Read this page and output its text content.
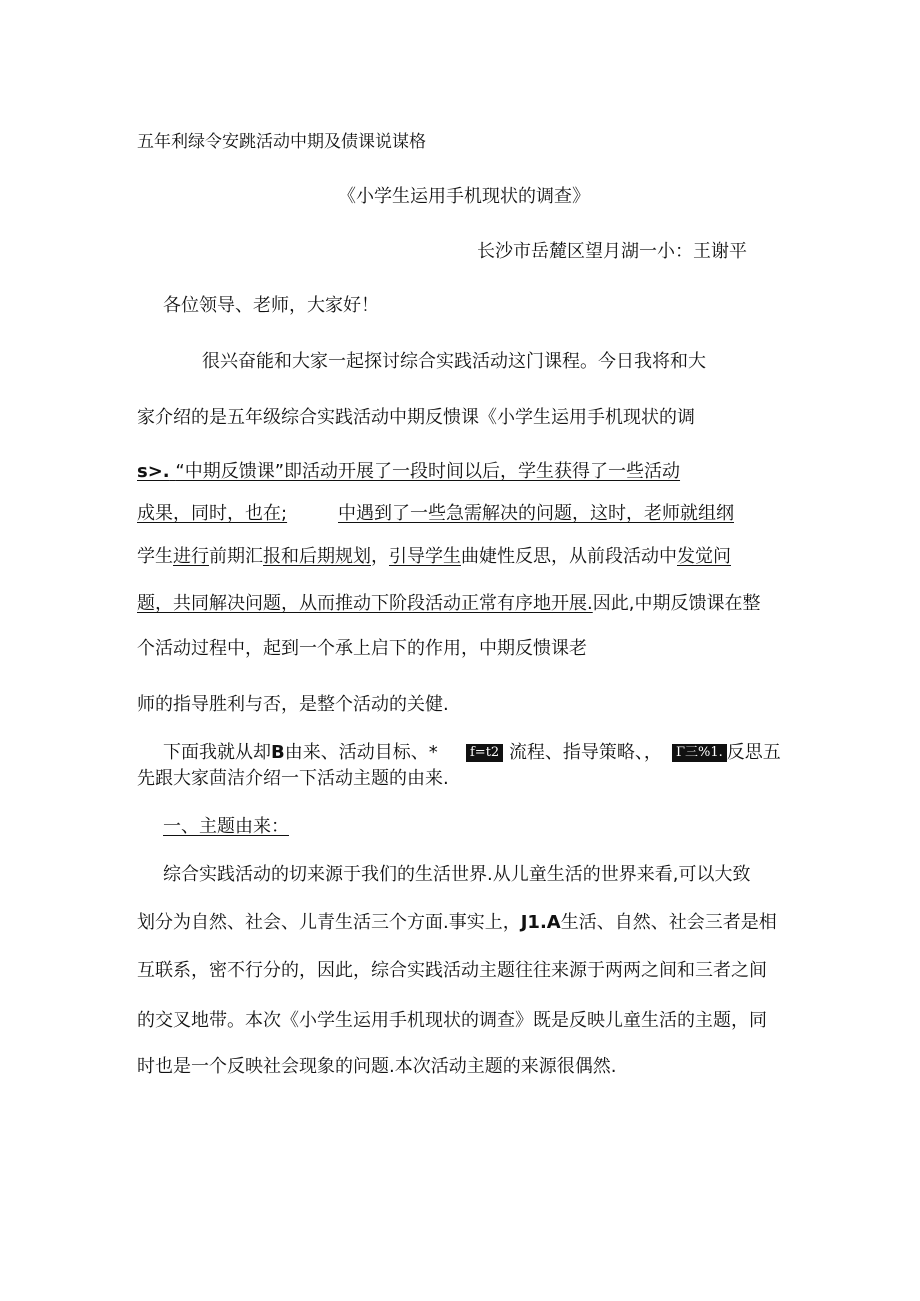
五年利绿令安跳活动中期及债课说谋格
《小学生运用手机现状的调查》
长沙市岳麓区望月湖一小：王谢平
各位领导、老师，大家好！
很兴奋能和大家一起探讨综合实践活动这门课程。今日我将和大
家介绍的是五年级综合实践活动中期反愦课《小学生运用手机现状的调
s>. “中期反馈课”即活动开展了一段时间以后，学生获得了一些活动
成果，同时，也在;	中遇到了一些急需解决的问题，这时，老师就组纲
学生进行前期汇报和后期规划，引导学生曲婕性反思，从前段活动中发觉问
题，共同解决问题，从而推动下阶段活动正常有序地开展.因此,中期反馈课在整
个活动过程中，起到一个承上启下的作用，中期反愦课老
师的指导胜利与否，是整个活动的关健.
下面我就从却B由来、活动目标、*	f=t2 流程、指导策略、，	Γ三%1. 反思五
先跟大家茴洁介绍一下活动主题的由来.
一、主题由来：
综合实践活动的切来源于我们的生活世界.从儿童生活的世界来看,可以大致
划分为自然、社会、儿青生活三个方面.事实上，J1.A生活、自然、社会三者是相
互联系，密不行分的，因此，综合实践活动主题往往来源于两两之间和三者之间
的交叉地带。本次《小学生运用手机现状的调查》既是反映儿童生活的主题，同
时也是一个反映社会现象的问题.本次活动主题的来源很偶然.
